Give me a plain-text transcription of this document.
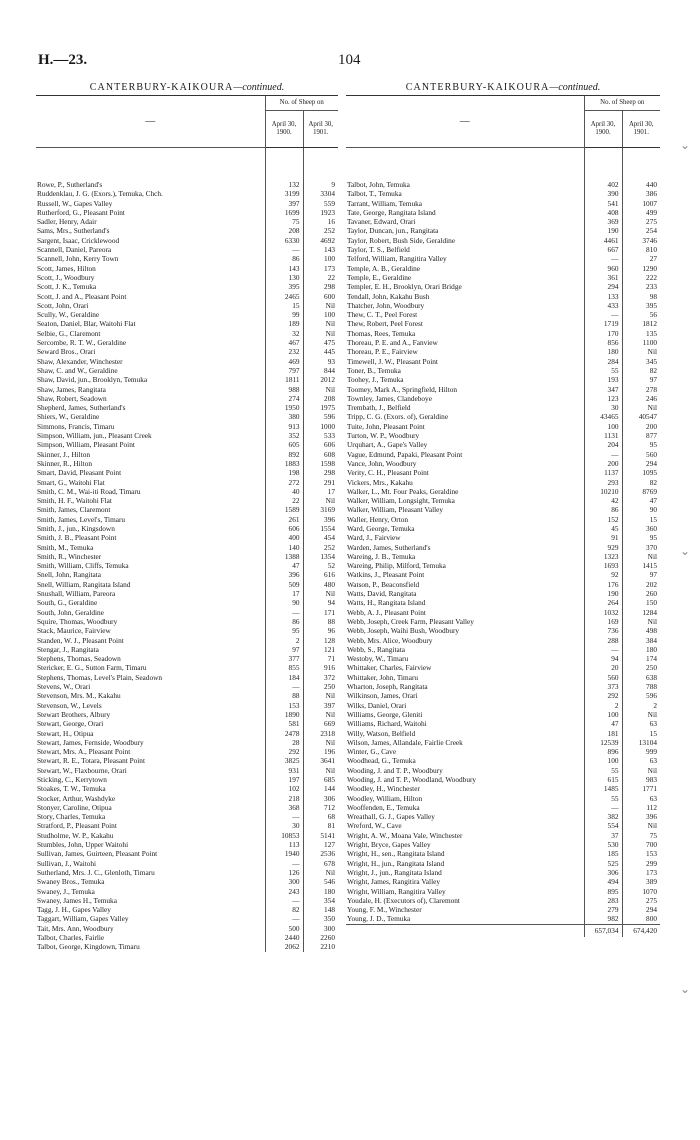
H.—23.	104
CANTERBURY-KAIKOURA—continued.
—	No. of Sheep on	
	April 30, 1900.	April 30, 1901.

Rowe, P., Sutherland's	132	9
Ruddenklau, J. G. (Exors.), Temuka, Chch.	3199	3304
Russell, W., Gapes Valley	397	559
Rutherford, G., Pleasant Point	1699	1923
Sadler, Henry, Adair	75	16
Sams, Mrs., Sutherland's	208	252
Sargent, Isaac, Cricklewood	6330	4692
Scannell, Daniel, Pareora	—	143
Scannell, John, Kerry Town	86	100
Scott, James, Hilton	143	173
Scott, J., Woodbury	130	22
Scott, J. K., Temuka	395	298
Scott, J. and A., Pleasant Point	2465	600
Scott, John, Orari	15	Nil
Scully, W., Geraldine	99	100
Seaton, Daniel, Blar, Waitohi Flat	189	Nil
Selbie, G., Claremont	32	Nil
Sercombe, R. T. W., Geraldine	467	475
Seward Bros., Orari	232	445
Shaw, Alexander, Winchester	469	93
Shaw, C. and W., Geraldine	797	844
Shaw, David, jun., Brooklyn, Temuka	1811	2012
Shaw, James, Rangitata	988	Nil
Shaw, Robert, Seadown	274	208
Shepherd, James, Sutherland's	1950	1975
Shiers, W., Geraldine	380	596
Simmons, Francis, Timaru	913	1000
Simpson, William, jun., Pleasant Creek	352	533
Simpson, William, Pleasant Point	605	606
Skinner, J., Hilton	892	608
Skinner, R., Hilton	1883	1598
Smart, David, Pleasant Point	198	298
Smart, G., Waitohi Flat	272	291
Smith, C. M., Wai-iti Road, Timaru	40	17
Smith, H. F., Waitohi Flat	22	Nil
Smith, James, Claremont	1589	3169
Smith, James, Level's, Timaru	261	396
Smith, J., jun., Kingsdown	606	1554
Smith, J. B., Pleasant Point	400	454
Smith, M., Temuka	140	252
Smith, R., Winchester	1388	1354
Smith, William, Cliffs, Temuka	47	52
Snell, John, Rangitata	396	616
Snell, William, Rangitata Island	509	480
Snushall, William, Pareora	17	Nil
South, G., Geraldine	90	94
South, John, Geraldine	—	171
Squire, Thomas, Woodbury	86	88
Stack, Maurice, Fairview	95	96
Standen, W. J., Pleasant Point	2	128
Stengar, J., Rangitata	97	121
Stephens, Thomas, Seadown	377	71
Stericker, E. G., Sutton Farm, Timaru	855	916
Stephens, Thomas, Level's Plain, Seadown	184	372
Stevens, W., Orari	—	250
Stevenson, Mrs. M., Kakahu	88	Nil
Stevenson, W., Levels	153	397
Stewart Brothers, Albury	1890	Nil
Stewart, George, Orari	581	669
Stewart, H., Otipua	2478	2318
Stewart, James, Fernside, Woodbury	28	Nil
Stewart, Mrs. A., Pleasant Point	292	196
Stewart, R. E., Totara, Pleasant Point	3825	3641
Stewart, W., Flaxbourne, Orari	931	Nil
Sticking, C., Kerrytown	197	685
Stoakes, T. W., Temuka	102	144
Stocker, Arthur, Washdyke	218	306
Stonyer, Caroline, Otipua	368	712
Story, Charles, Temuka	—	68
Stratford, P., Pleasant Point	30	81
Studholme, W. P., Kakahu	10853	5141
Stumbles, John, Upper Waitohi	113	127
Sullivan, James, Guirteen, Pleasant Point	1940	2536
Sullivan, J., Waitohi	—	678
Sutherland, Mrs. J. C., Glenloth, Timaru	126	Nil
Swaney Bros., Temuka	300	546
Swaney, J., Temuka	243	180
Swaney, James H., Temuka	—	354
Tagg, J. H., Gapes Valley	82	148
Taggart, William, Gapes Valley	—	350
Tait, Mrs. Ann, Woodbury	500	300
Talbot, Charles, Fairlie	2440	2260
Talbot, George, Kingdown, Timaru	2062	2210
CANTERBURY-KAIKOURA—continued.
—	No. of Sheep on	
	April 30, 1900.	April 30, 1901.

Talbot, John, Temuka	402	440
Talbot, T., Temuka	390	386
Tarrant, William, Temuka	541	1007
Tate, George, Rangitata Island	408	499
Tavaner, Edward, Orari	369	275
Taylor, Duncan, jun., Rangitata	190	254
Taylor, Robert, Bush Side, Geraldine	4461	3746
Taylor, T. S., Belfield	667	810
Telford, William, Rangitira Valley	—	27
Temple, A. B., Geraldine	960	1290
Temple, E., Geraldine	361	222
Templer, E. H., Brooklyn, Orari Bridge	294	233
Tendall, John, Kakahu Bush	133	98
Thatcher, John, Woodbury	433	395
Thew, C. T., Peel Forest	—	56
Thew, Robert, Peel Forest	1719	1812
Thomas, Rees, Temuka	170	135
Thoreau, P. E. and A., Fanview	856	1100
Thoreau, P. E., Fairview	180	Nil
Timewell, J. W., Pleasant Point	284	345
Toner, B., Temuka	55	82
Toohey, J., Temuka	193	97
Toomey, Mark A., Springfield, Hilton	347	278
Townley, James, Clandeboye	123	246
Trembath, J., Belfield	30	Nil
Tripp, C. G. (Exors. of), Geraldine	43465	40547
Tuite, John, Pleasant Point	100	200
Turton, W. P., Woodbury	1131	877
Urquhart, A., Gape's Valley	204	95
Vague, Edmund, Papaki, Pleasant Point	—	560
Vance, John, Woodbury	200	294
Verity, C. H., Pleasant Point	1137	1095
Vickers, Mrs., Kakahu	293	82
Walker, L., Mt. Four Peaks, Geraldine	10210	8769
Walker, William, Longsight, Temuka	42	47
Walker, William, Pleasant Valley	86	90
Waller, Henry, Orton	152	15
Ward, George, Temuka	45	360
Ward, J., Fairview	91	95
Warden, James, Sutherland's	929	370
Wareing, J. B., Temuka	1323	Nil
Wareing, Philip, Milford, Temuka	1693	1415
Watkins, J., Pleasant Point	92	97
Watson, P., Beaconsfield	176	202
Watts, David, Rangitata	190	260
Watts, H., Rangitata Island	264	150
Webb, A. J., Pleasant Point	1032	1284
Webb, Joseph, Creek Farm, Pleasant Valley	169	Nil
Webb, Joseph, Waihi Bush, Woodbury	736	498
Webb, Mrs. Alice, Woodbury	288	384
Webb, S., Rangitata	—	180
Westoby, W., Timaru	94	174
Whittaker, Charles, Fairview	20	250
Whittaker, John, Timaru	560	638
Wharton, Joseph, Rangitata	373	788
Wilkinson, James, Orari	292	596
Wilks, Daniel, Orari	2	2
Williams, George, Gleniti	100	Nil
Williams, Richard, Waitohi	47	63
Willy, Watson, Belfield	181	15
Wilson, James, Allandale, Fairlie Creek	12539	13104
Winter, G., Cave	896	999
Woodhead, G., Temuka	100	63
Wooding, J. and T. P., Woodbury	55	Nil
Wooding, J. and T. P., Woodland, Woodbury	615	983
Woodley, H., Winchester	1485	1771
Woodley, William, Hilton	55	63
Wooffenden, E., Temuka	—	112
Wreathall, G. J., Gapes Valley	382	396
Wreford, W., Cave	554	Nil
Wright, A. W., Moana Vale, Winchester	37	75
Wright, Bryce, Gapes Valley	530	700
Wright, H., sen., Rangitata Island	185	153
Wright, H., jun., Rangitata Island	525	299
Wright, J., jun., Rangitata Island	306	173
Wright, James, Rangitira Valley	494	389
Wright, William, Rangitira Valley	895	1070
Youdale, H. (Executors of), Claremont	283	275
Young, F. M., Winchester	279	294
Young, J. D., Temuka	982	800
	657,034	674,420
⌄
⌄
⌄
